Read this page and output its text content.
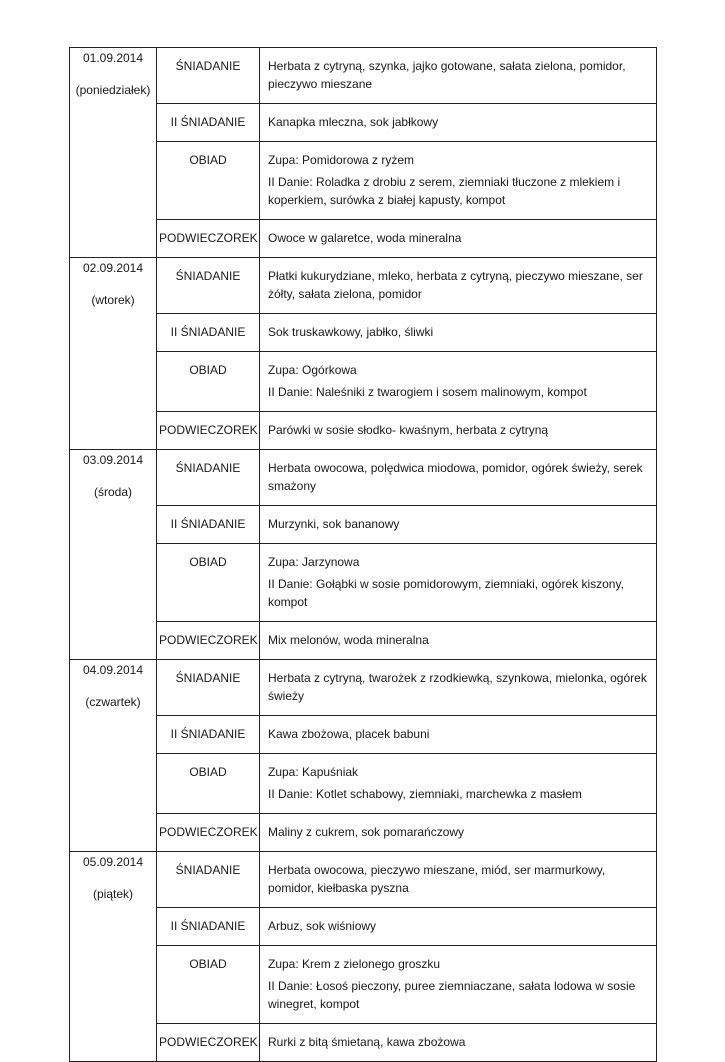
01.09.2014
(poniedziałek)	ŚNIADANIE	Herbata z cytryną, szynka, jajko gotowane, sałata zielona, pomidor, pieczywo mieszane

	II ŚNIADANIE	Kanapka mleczna, sok jabłkowy

	OBIAD	Zupa: Pomidorowa z ryżem
II Danie: Roladka z drobiu z serem, ziemniaki tłuczone z mlekiem i koperkiem, surówka z białej kapusty, kompot

	PODWIECZOREK	Owoce w galaretce, woda mineralna

02.09.2014
(wtorek)	ŚNIADANIE	Płatki kukurydziane, mleko, herbata z cytryną, pieczywo mieszane, ser żółty, sałata zielona, pomidor

	II ŚNIADANIE	Sok truskawkowy, jabłko, śliwki

	OBIAD	Zupa: Ogórkowa
II Danie: Naleśniki z twarogiem i sosem malinowym, kompot

	PODWIECZOREK	Parówki w sosie słodko- kwaśnym, herbata z cytryną

03.09.2014
(środa)	ŚNIADANIE	Herbata owocowa, polędwica miodowa, pomidor, ogórek świeży, serek smażony

	II ŚNIADANIE	Murzynki, sok bananowy

	OBIAD	Zupa: Jarzynowa
II Danie: Gołąbki w sosie pomidorowym, ziemniaki, ogórek kiszony, kompot

	PODWIECZOREK	Mix melonów, woda mineralna

04.09.2014
(czwartek)	ŚNIADANIE	Herbata z cytryną, twarożek z rzodkiewką, szynkowa, mielonka, ogórek świeży

	II ŚNIADANIE	Kawa zbożowa, placek babuni

	OBIAD	Zupa: Kapuśniak
II Danie: Kotlet schabowy, ziemniaki, marchewka z masłem

	PODWIECZOREK	Maliny z cukrem, sok pomarańczowy

05.09.2014
(piątek)	ŚNIADANIE	Herbata owocowa, pieczywo mieszane, miód, ser marmurkowy, pomidor, kiełbaska pyszna

	II ŚNIADANIE	Arbuz, sok wiśniowy

	OBIAD	Zupa: Krem z zielonego groszku
II Danie: Łosoś pieczony, puree ziemniaczane, sałata lodowa w sosie winegret, kompot

	PODWIECZOREK	Rurki z bitą śmietaną, kawa zbożowa
